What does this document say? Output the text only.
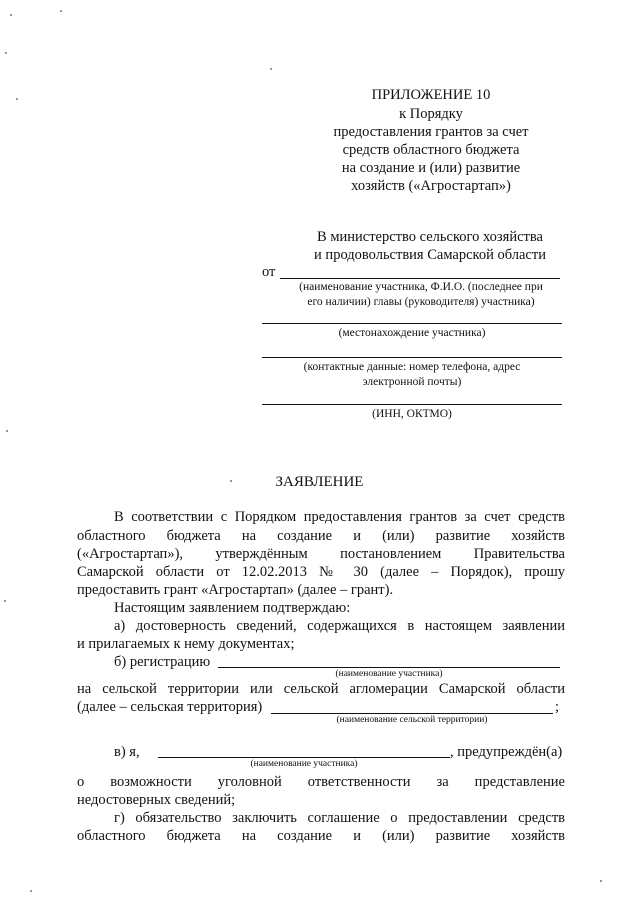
ПРИЛОЖЕНИЕ 10
к Порядку
предоставления грантов за счет
средств областного бюджета
на создание и (или) развитие
хозяйств («Агростартап»)
В министерство сельского хозяйства
и продовольствия Самарской области
от
(наименование участника, Ф.И.О. (последнее при
его наличии) главы (руководителя) участника)
(местонахождение участника)
(контактные данные: номер телефона, адрес
электронной почты)
(ИНН, ОКТМО)
ЗАЯВЛЕНИЕ
В соответствии с Порядком предоставления грантов за счет средств
областного бюджета на создание и (или) развитие хозяйств
(«Агростартап»), утверждённым постановлением Правительства
Самарской области от 12.02.2013 № 30 (далее – Порядок), прошу
предоставить грант «Агростартап» (далее – грант).
Настоящим заявлением подтверждаю:
а) достоверность сведений, содержащихся в настоящем заявлении
и прилагаемых к нему документах;
б) регистрацию
(наименование участника)
на сельской территории или сельской агломерации Самарской области
(далее – сельская территория)	;
(наименование сельской территории)
в) я,	, предупреждён(а)
(наименование участника)
о возможности уголовной ответственности за представление
недостоверных сведений;
г) обязательство заключить соглашение о предоставлении средств
областного бюджета на создание и (или) развитие хозяйств
